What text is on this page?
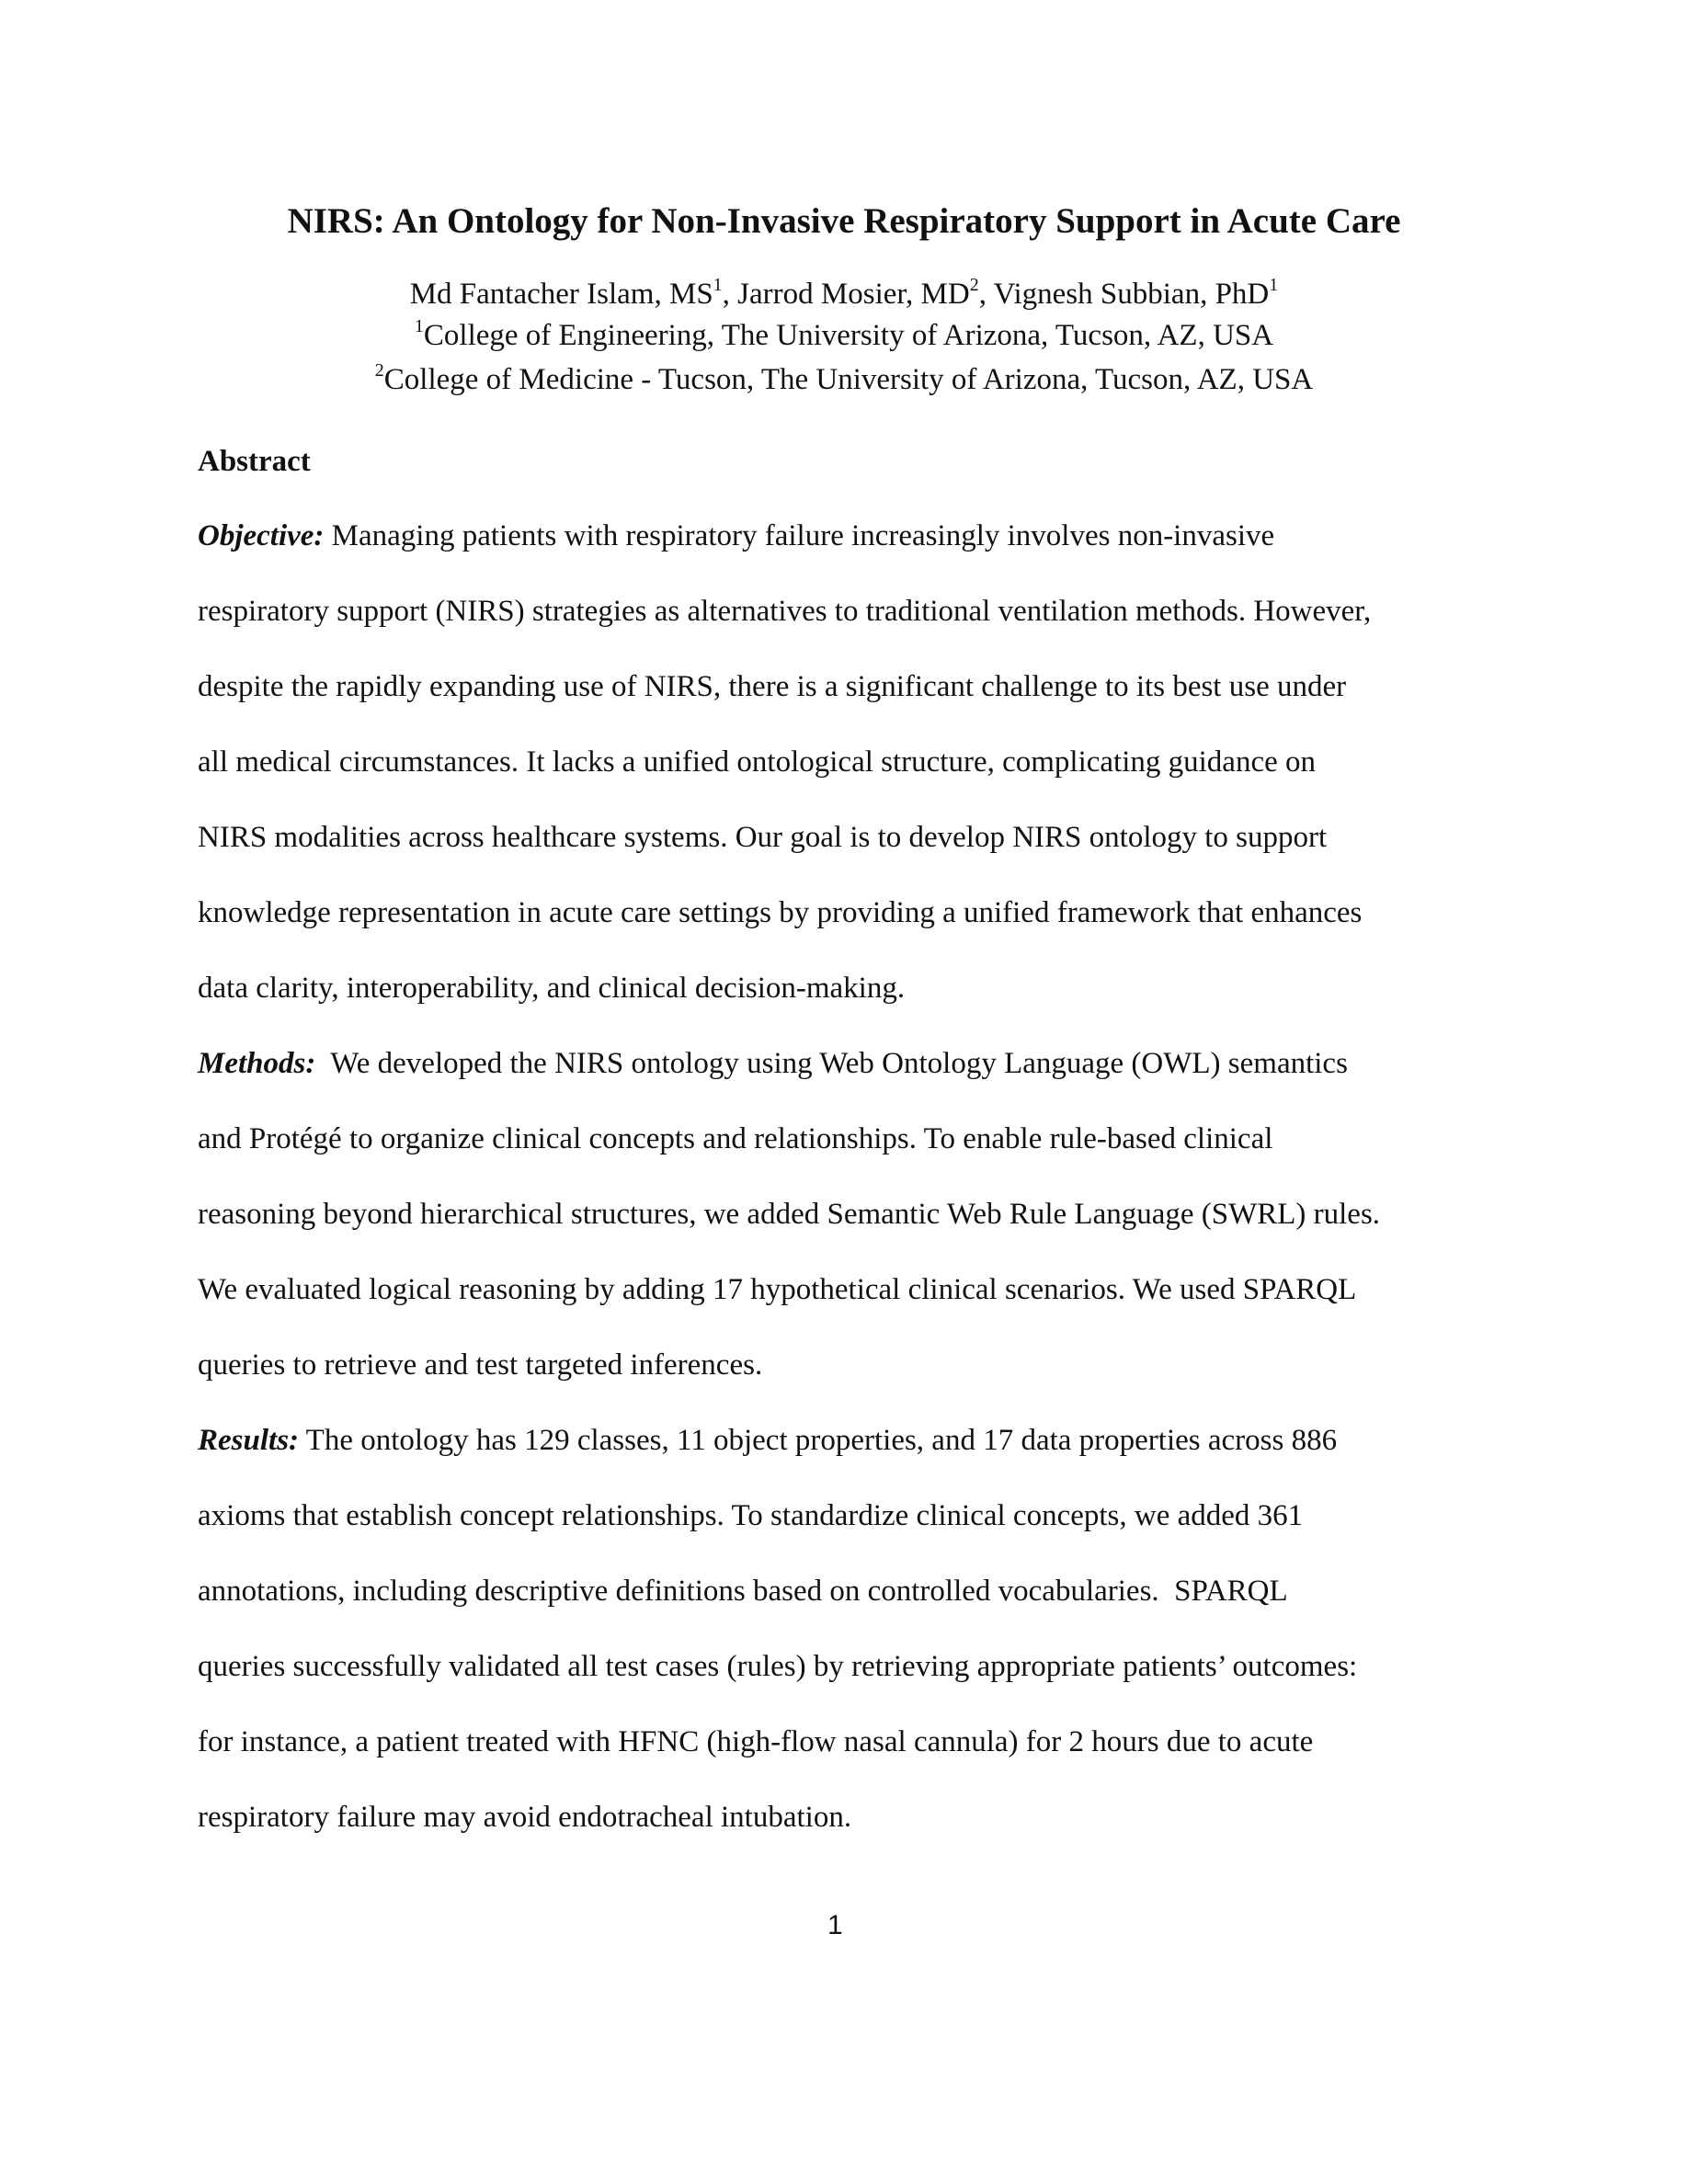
NIRS: An Ontology for Non-Invasive Respiratory Support in Acute Care
Md Fantacher Islam, $MS^1$, Jarrod Mosier, $MD^2$, Vignesh Subbian, PhD$^1$
$^1$College of Engineering, The University of Arizona, Tucson, AZ, USA
$^2$College of Medicine - Tucson, The University of Arizona, Tucson, AZ, USA
Abstract
Objective: Managing patients with respiratory failure increasingly involves non-invasive
respiratory support (NIRS) strategies as alternatives to traditional ventilation methods. However,
despite the rapidly expanding use of NIRS, there is a significant challenge to its best use under
all medical circumstances. It lacks a unified ontological structure, complicating guidance on
NIRS modalities across healthcare systems. Our goal is to develop NIRS ontology to support
knowledge representation in acute care settings by providing a unified framework that enhances
data clarity, interoperability, and clinical decision-making.
Methods:  We developed the NIRS ontology using Web Ontology Language (OWL) semantics
and Protégé to organize clinical concepts and relationships. To enable rule-based clinical
reasoning beyond hierarchical structures, we added Semantic Web Rule Language (SWRL) rules.
We evaluated logical reasoning by adding 17 hypothetical clinical scenarios. We used SPARQL
queries to retrieve and test targeted inferences.
Results: The ontology has 129 classes, 11 object properties, and 17 data properties across 886
axioms that establish concept relationships. To standardize clinical concepts, we added 361
annotations, including descriptive definitions based on controlled vocabularies.  SPARQL
queries successfully validated all test cases (rules) by retrieving appropriate patients’ outcomes:
for instance, a patient treated with HFNC (high-flow nasal cannula) for 2 hours due to acute
respiratory failure may avoid endotracheal intubation.
1
